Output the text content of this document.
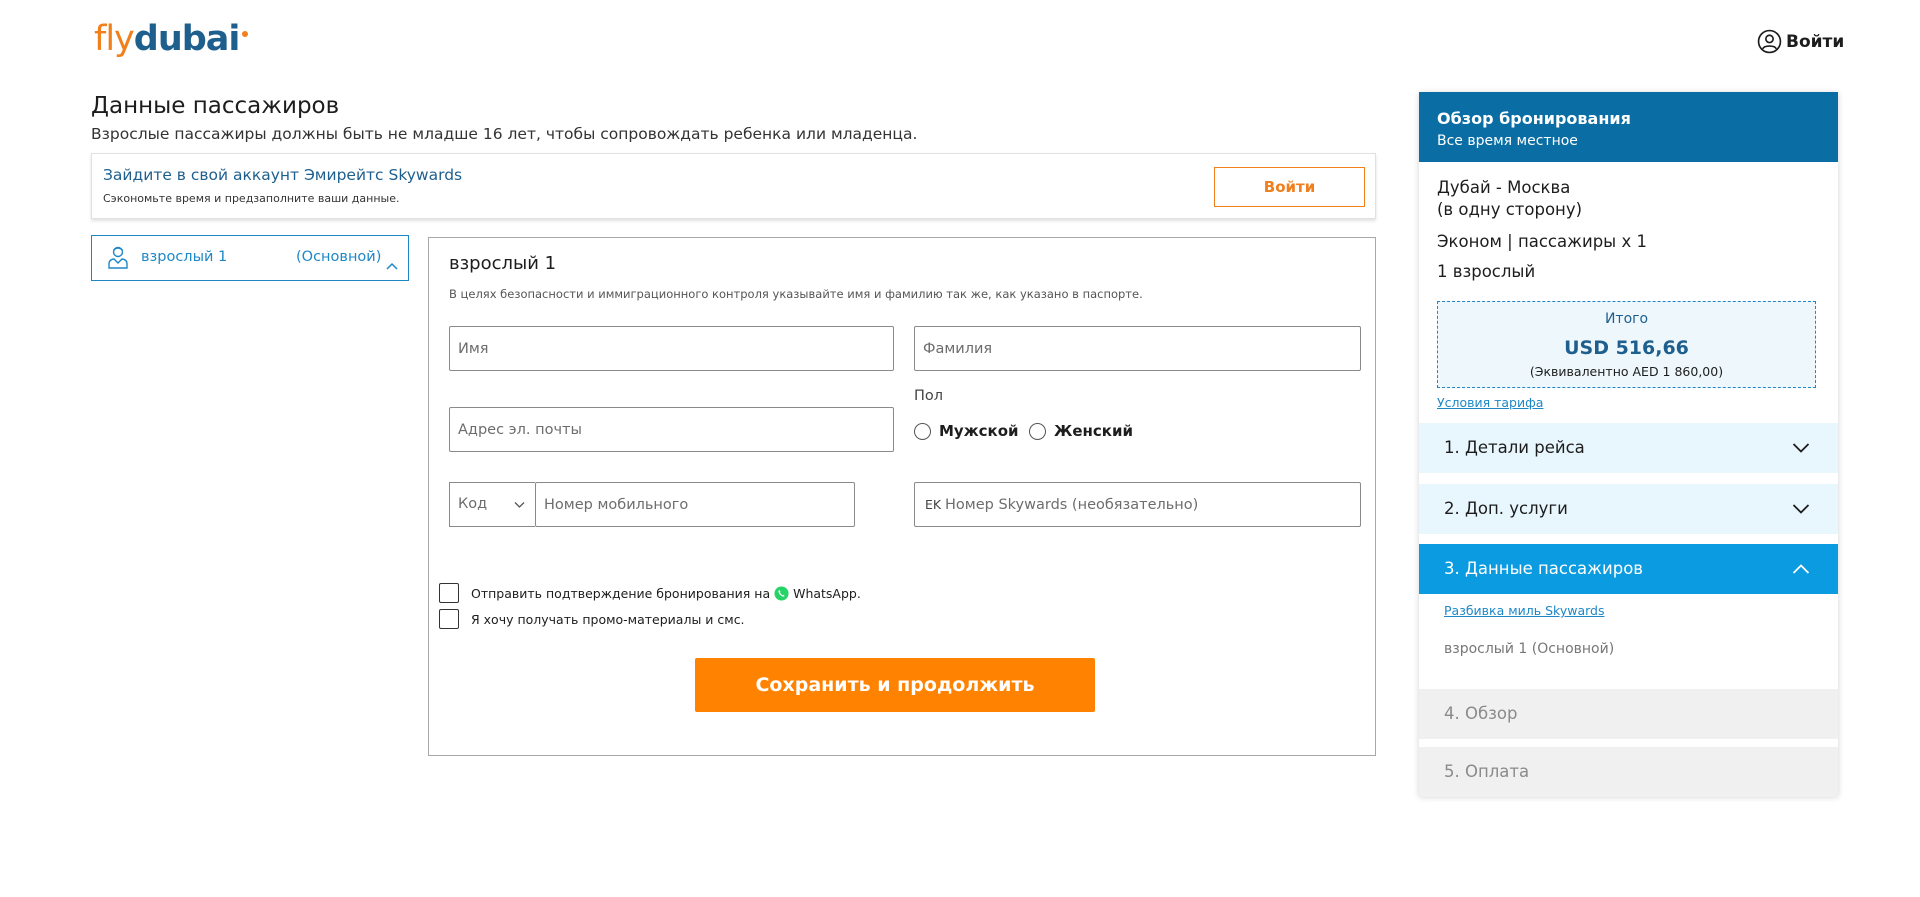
flydubai	Войти
Данные пассажиров
Взрослые пассажиры должны быть не младше 16 лет, чтобы сопровождать ребенка или младенца.
Зайдите в свой аккаунт Эмирейтс Skywards
Сэкономьте время и предзаполните ваши данные.
Войти
взрослый 1	(Основной)	взрослый 1
В целях безопасности и иммиграционного контроля указывайте имя и фамилию так же, как указано в паспорте.
Имя
Фамилия
Адрес эл. почты
Пол
Мужской Женский
Код
Номер мобильного	EK
Номер Skywards (необязательно)
Отправить подтверждение бронирования на WhatsApp.
Я хочу получать промо-материалы и смс.
Сохранить и продолжить
Обзор бронирования
Все время местное
Дубай - Москва
(в одну сторону)
Эконом | пассажиры x 1
1 взрослый
Итого
USD 516,66
(Эквивалентно AED 1 860,00)
Условия тарифа
1. Детали рейса
2. Доп. услуги
3. Данные пассажиров
Разбивка миль Skywards
взрослый 1 (Основной)
4. Обзор
5. Оплата
